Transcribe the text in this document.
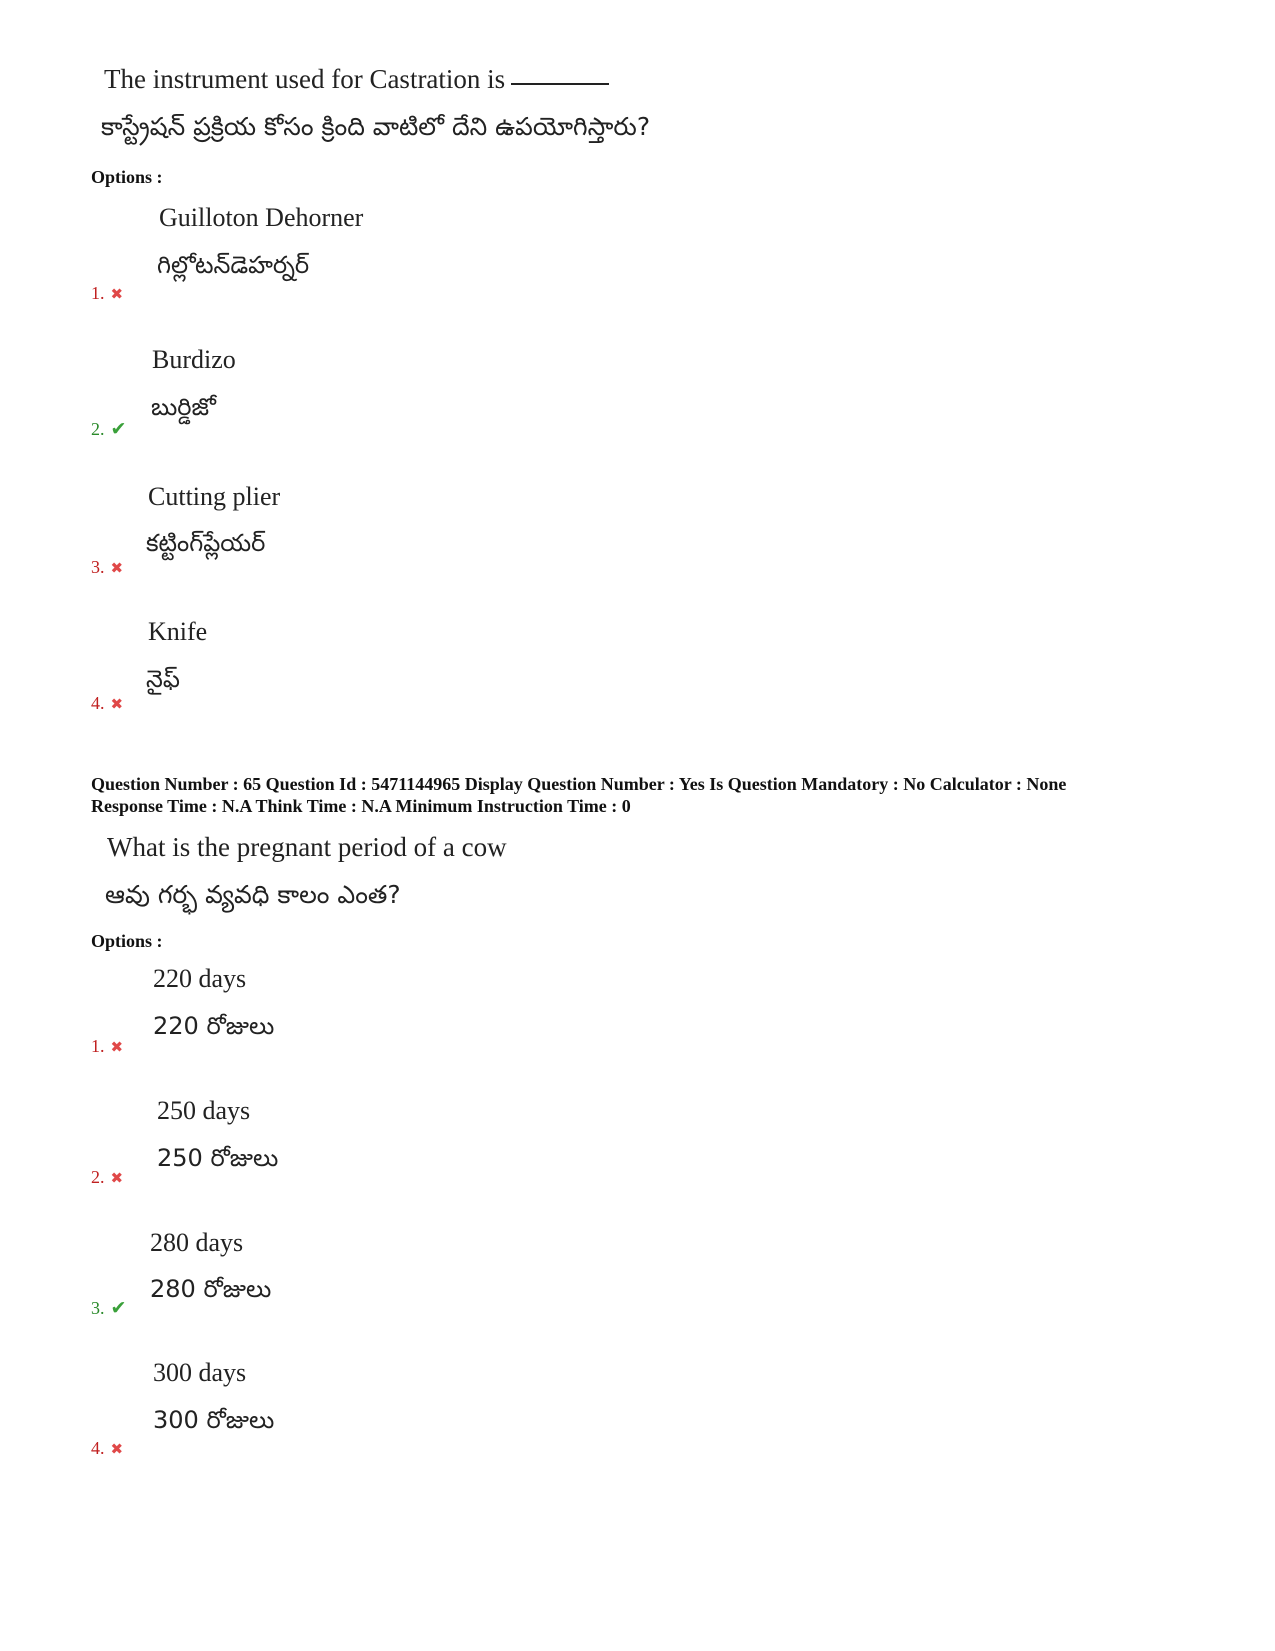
The instrument used for Castration is
కాస్ట్రేషన్ ప్రక్రియ కోసం క్రింది వాటిలో దేని ఉపయోగిస్తారు?
Options :
Guilloton Dehorner
గిల్లోటన్‌డెహర్నర్
1. ✖
Burdizo
బుర్డిజో
2. ✔
Cutting plier
కట్టింగ్‌ప్లేయర్
3. ✖
Knife
నైఫ్
4. ✖
Question Number : 65 Question Id : 5471144965 Display Question Number : Yes Is Question Mandatory : No Calculator : None
Response Time : N.A Think Time : N.A Minimum Instruction Time : 0
What is the pregnant period of a cow
ఆవు గర్భ వ్యవధి కాలం ఎంత?
Options :
220 days
220 రోజులు
1. ✖
250 days
250 రోజులు
2. ✖
280 days
280 రోజులు
3. ✔
300 days
300 రోజులు
4. ✖
